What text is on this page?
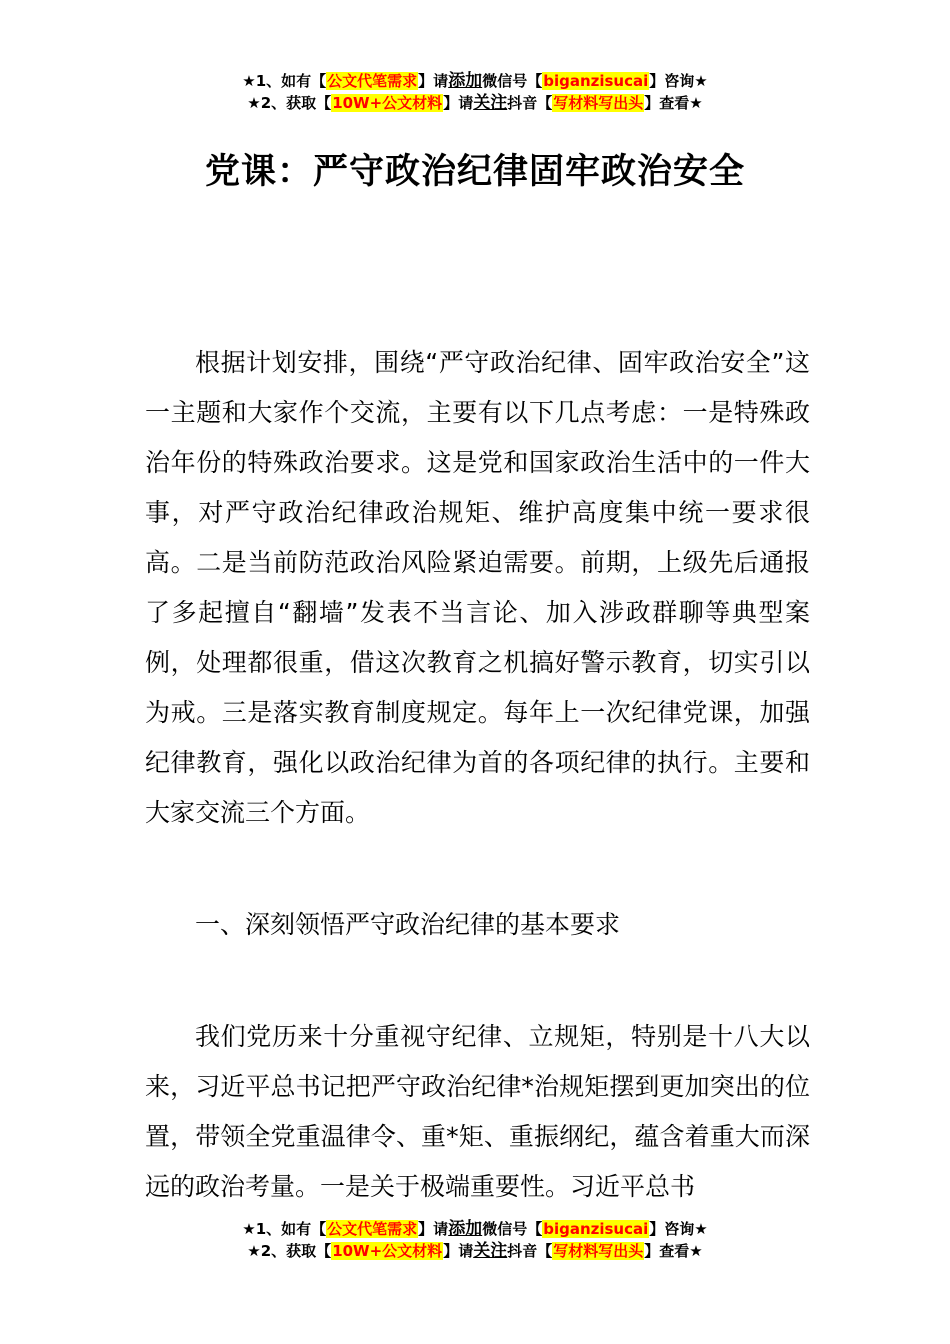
★1、如有【公文代笔需求】请添加微信号【biganzisucai】咨询★
★2、获取【10W+公文材料】请关注抖音【写材料写出头】查看★
党课：严守政治纪律固牢政治安全

根据计划安排，围绕“严守政治纪律、固牢政治安全”这一主题和大家作个交流，主要有以下几点考虑：一是特殊政治年份的特殊政治要求。这是党和国家政治生活中的一件大事，对严守政治纪律政治规矩、维护高度集中统一要求很高。二是当前防范政治风险紧迫需要。前期，上级先后通报了多起擅自“翻墙”发表不当言论、加入涉政群聊等典型案例，处理都很重，借这次教育之机搞好警示教育，切实引以为戒。三是落实教育制度规定。每年上一次纪律党课，加强纪律教育，强化以政治纪律为首的各项纪律的执行。主要和大家交流三个方面。

一、深刻领悟严守政治纪律的基本要求

我们党历来十分重视守纪律、立规矩，特别是十八大以来，习近平总书记把严守政治纪律*治规矩摆到更加突出的位置，带领全党重温律令、重*矩、重振纲纪，蕴含着重大而深远的政治考量。一是关于极端重要性。习近平总书

★1、如有【公文代笔需求】请添加微信号【biganzisucai】咨询★
★2、获取【10W+公文材料】请关注抖音【写材料写出头】查看★
